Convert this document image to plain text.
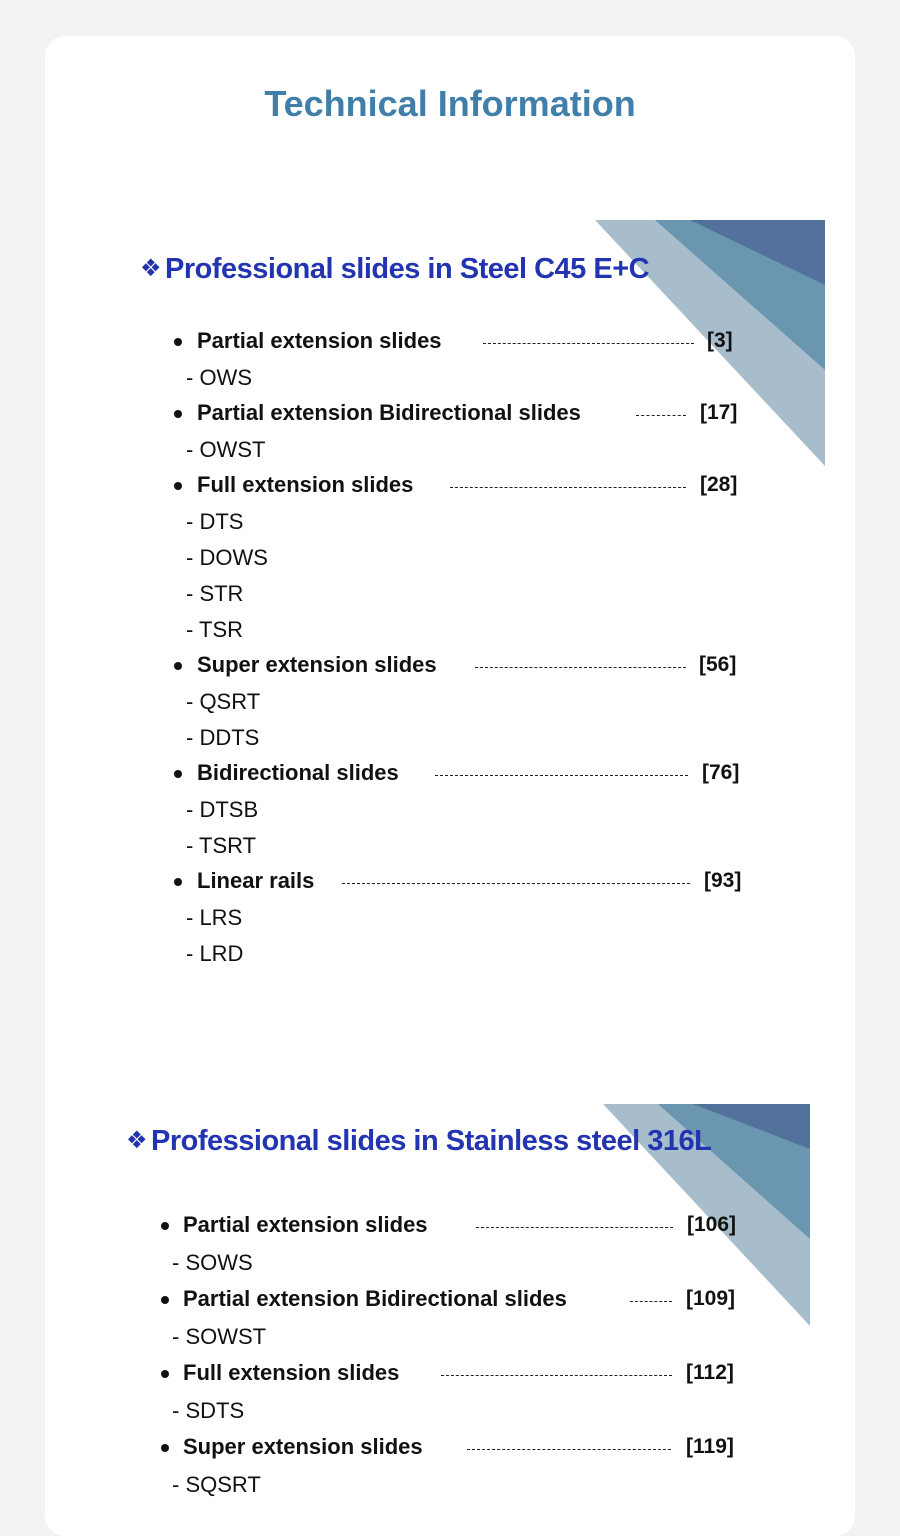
Technical Information
❖ Professional slides in Steel C45 E+C
Partial extension slides	[3]
- OWS
Partial extension Bidirectional slides	[17]
- OWST
Full extension slides	[28]
- DTS
- DOWS
- STR
- TSR
Super extension slides	[56]
- QSRT
- DDTS
Bidirectional slides	[76]
- DTSB
- TSRT
Linear rails	[93]
- LRS
- LRD
❖ Professional slides in Stainless steel 316L
Partial extension slides	[106]
- SOWS
Partial extension Bidirectional slides	[109]
- SOWST
Full extension slides	[112]
- SDTS
Super extension slides	[119]
- SQSRT
